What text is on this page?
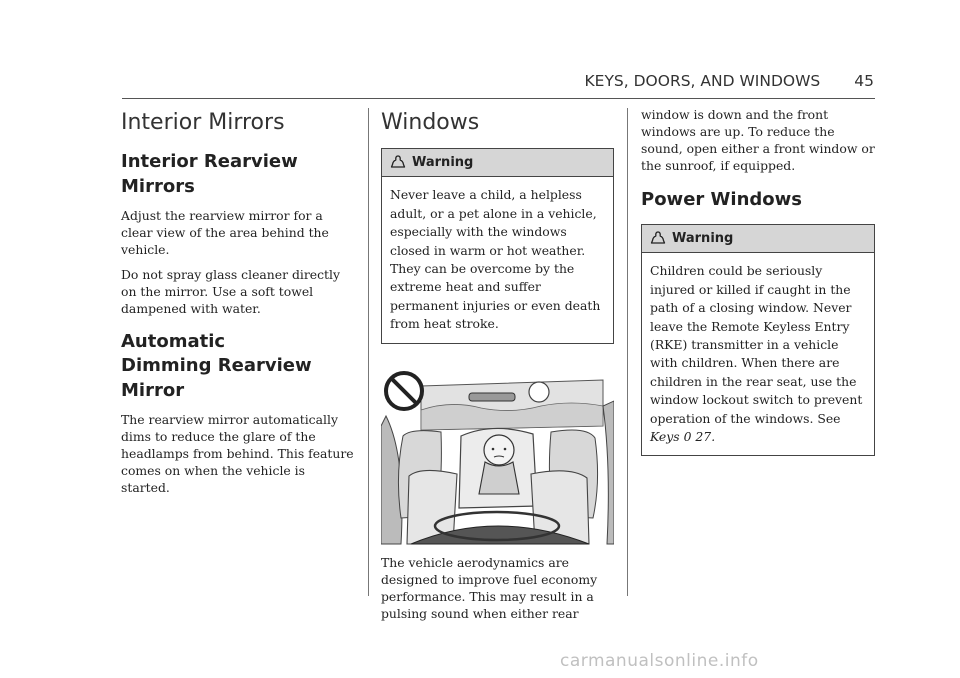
KEYS, DOORS, AND WINDOWS 45
Interior Mirrors
Interior Rearview Mirrors

Adjust the rearview mirror for a clear view of the area behind the vehicle.

Do not spray glass cleaner directly on the mirror. Use a soft towel dampened with water.

Automatic Dimming Rearview Mirror

The rearview mirror automatically dims to reduce the glare of the headlamps from behind. This feature comes on when the vehicle is started.

Windows
Warning

Never leave a child, a helpless adult, or a pet alone in a vehicle, especially with the windows closed in warm or hot weather. They can be overcome by the extreme heat and suffer permanent injuries or even death from heat stroke.

The vehicle aerodynamics are designed to improve fuel economy performance. This may result in a pulsing sound when either rear

window is down and the front windows are up. To reduce the sound, open either a front window or the sunroof, if equipped.

Power Windows
Warning

Children could be seriously injured or killed if caught in the path of a closing window. Never leave the Remote Keyless Entry (RKE) transmitter in a vehicle with children. When there are children in the rear seat, use the window lockout switch to prevent operation of the windows. See Keys 0 27.

carmanualsonline.info
